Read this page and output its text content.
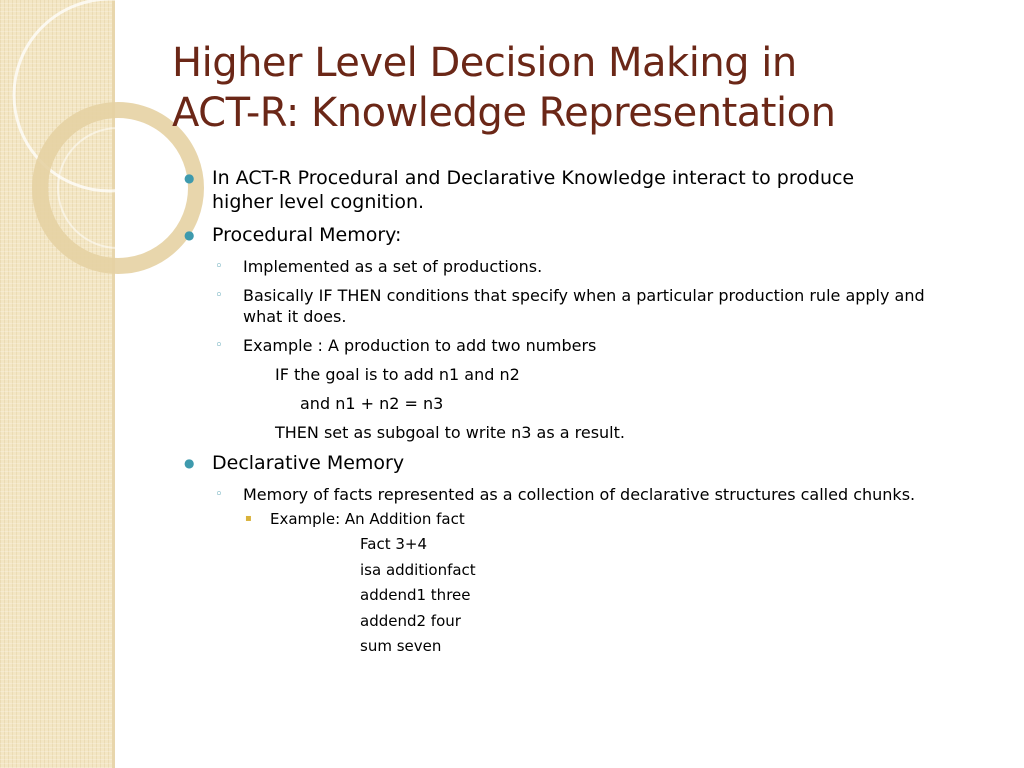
Higher Level Decision Making in
ACT-R: Knowledge Representation
● In ACT-R Procedural and Declarative Knowledge interact to produce
higher level cognition.
● Procedural Memory:
◦ Implemented as a set of productions.
◦ Basically IF THEN conditions that specify when a particular production rule apply and
what it does.
◦ Example : A production to add two numbers
IF the goal is to add n1 and n2
and n1 + n2 = n3
THEN set as subgoal to write n3 as a result.
● Declarative Memory
◦ Memory of facts represented as a collection of declarative structures called chunks.
▪ Example: An Addition fact
Fact 3+4
isa additionfact
addend1 three
addend2 four
sum seven
